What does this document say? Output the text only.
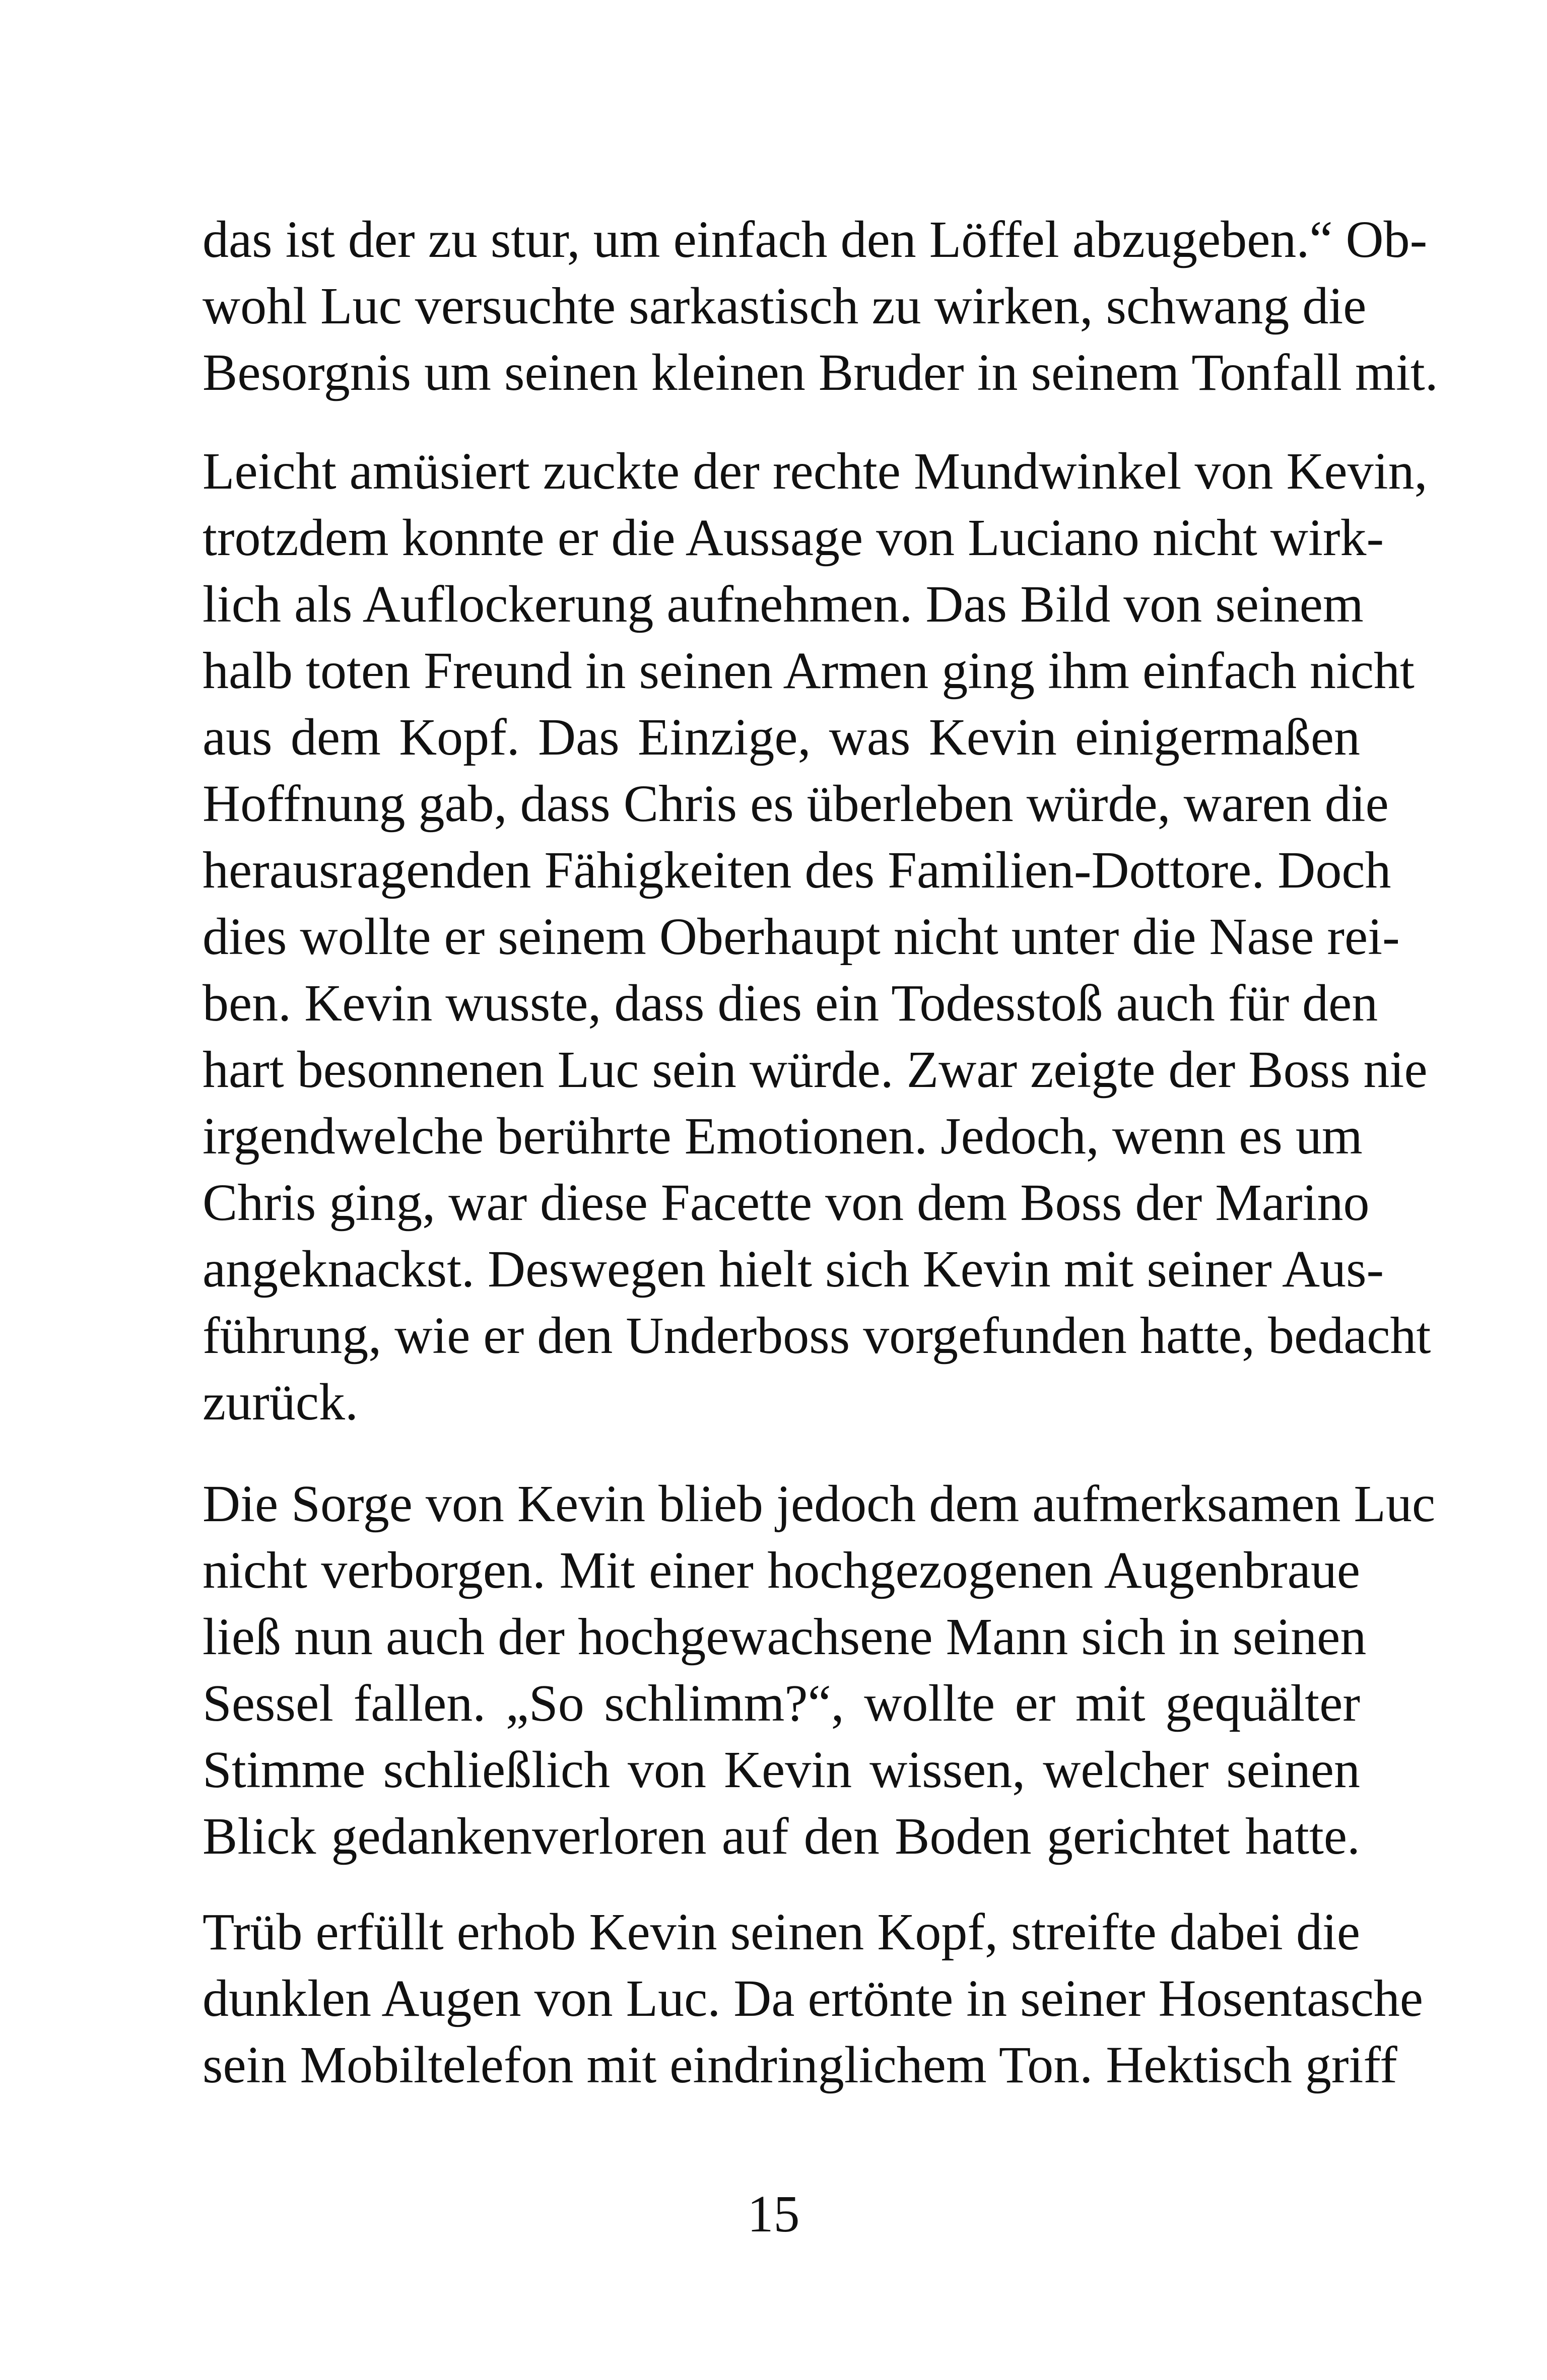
das ist der zu stur, um einfach den Löffel abzugeben.“ Ob-
wohl Luc versuchte sarkastisch zu wirken, schwang die
Besorgnis um seinen kleinen Bruder in seinem Tonfall mit.
Leicht amüsiert zuckte der rechte Mundwinkel von Kevin,
trotzdem konnte er die Aussage von Luciano nicht wirk-
lich als Auflockerung aufnehmen. Das Bild von seinem
halb toten Freund in seinen Armen ging ihm einfach nicht
aus dem Kopf. Das Einzige, was Kevin einigermaßen
Hoffnung gab, dass Chris es überleben würde, waren die
herausragenden Fähigkeiten des Familien-Dottore. Doch
dies wollte er seinem Oberhaupt nicht unter die Nase rei-
ben. Kevin wusste, dass dies ein Todesstoß auch für den
hart besonnenen Luc sein würde. Zwar zeigte der Boss nie
irgendwelche berührte Emotionen. Jedoch, wenn es um
Chris ging, war diese Facette von dem Boss der Marino
angeknackst. Deswegen hielt sich Kevin mit seiner Aus-
führung, wie er den Underboss vorgefunden hatte, bedacht
zurück.
Die Sorge von Kevin blieb jedoch dem aufmerksamen Luc
nicht verborgen. Mit einer hochgezogenen Augenbraue
ließ nun auch der hochgewachsene Mann sich in seinen
Sessel fallen. „So schlimm?“, wollte er mit gequälter
Stimme schließlich von Kevin wissen, welcher seinen
Blick gedankenverloren auf den Boden gerichtet hatte.
Trüb erfüllt erhob Kevin seinen Kopf, streifte dabei die
dunklen Augen von Luc. Da ertönte in seiner Hosentasche
sein Mobiltelefon mit eindringlichem Ton. Hektisch griff
15
